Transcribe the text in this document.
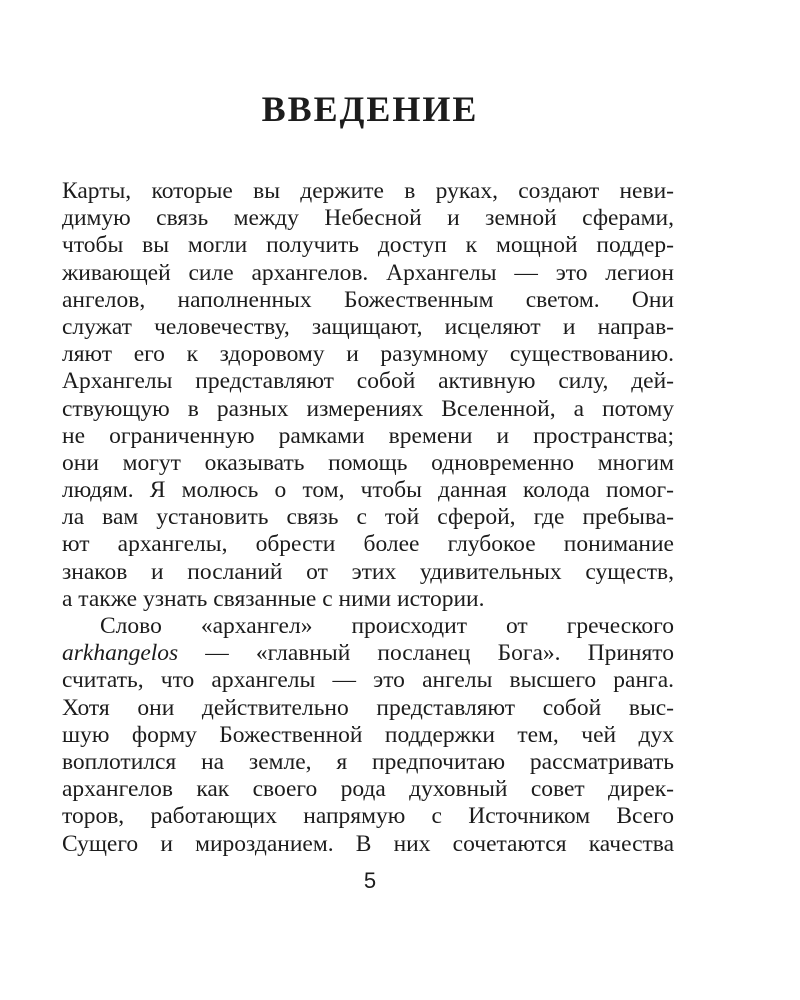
ВВЕДЕНИЕ
Карты, которые вы держите в руках, создают неви-
димую связь между Небесной и земной сферами,
чтобы вы могли получить доступ к мощной поддер-
живающей силе архангелов. Архангелы — это легион
ангелов, наполненных Божественным светом. Они
служат человечеству, защищают, исцеляют и направ-
ляют его к здоровому и разумному существованию.
Архангелы представляют собой активную силу, дей-
ствующую в разных измерениях Вселенной, а потому
не ограниченную рамками времени и пространства;
они могут оказывать помощь одновременно многим
людям. Я молюсь о том, чтобы данная колода помог-
ла вам установить связь с той сферой, где пребыва-
ют архангелы, обрести более глубокое понимание
знаков и посланий от этих удивительных существ,
а также узнать связанные с ними истории.
Слово «архангел» происходит от греческого
arkhangelos — «главный посланец Бога». Принято
считать, что архангелы — это ангелы высшего ранга.
Хотя они действительно представляют собой выс-
шую форму Божественной поддержки тем, чей дух
воплотился на земле, я предпочитаю рассматривать
архангелов как своего рода духовный совет дирек-
торов, работающих напрямую с Источником Всего
Сущего и мирозданием. В них сочетаются качества
5
